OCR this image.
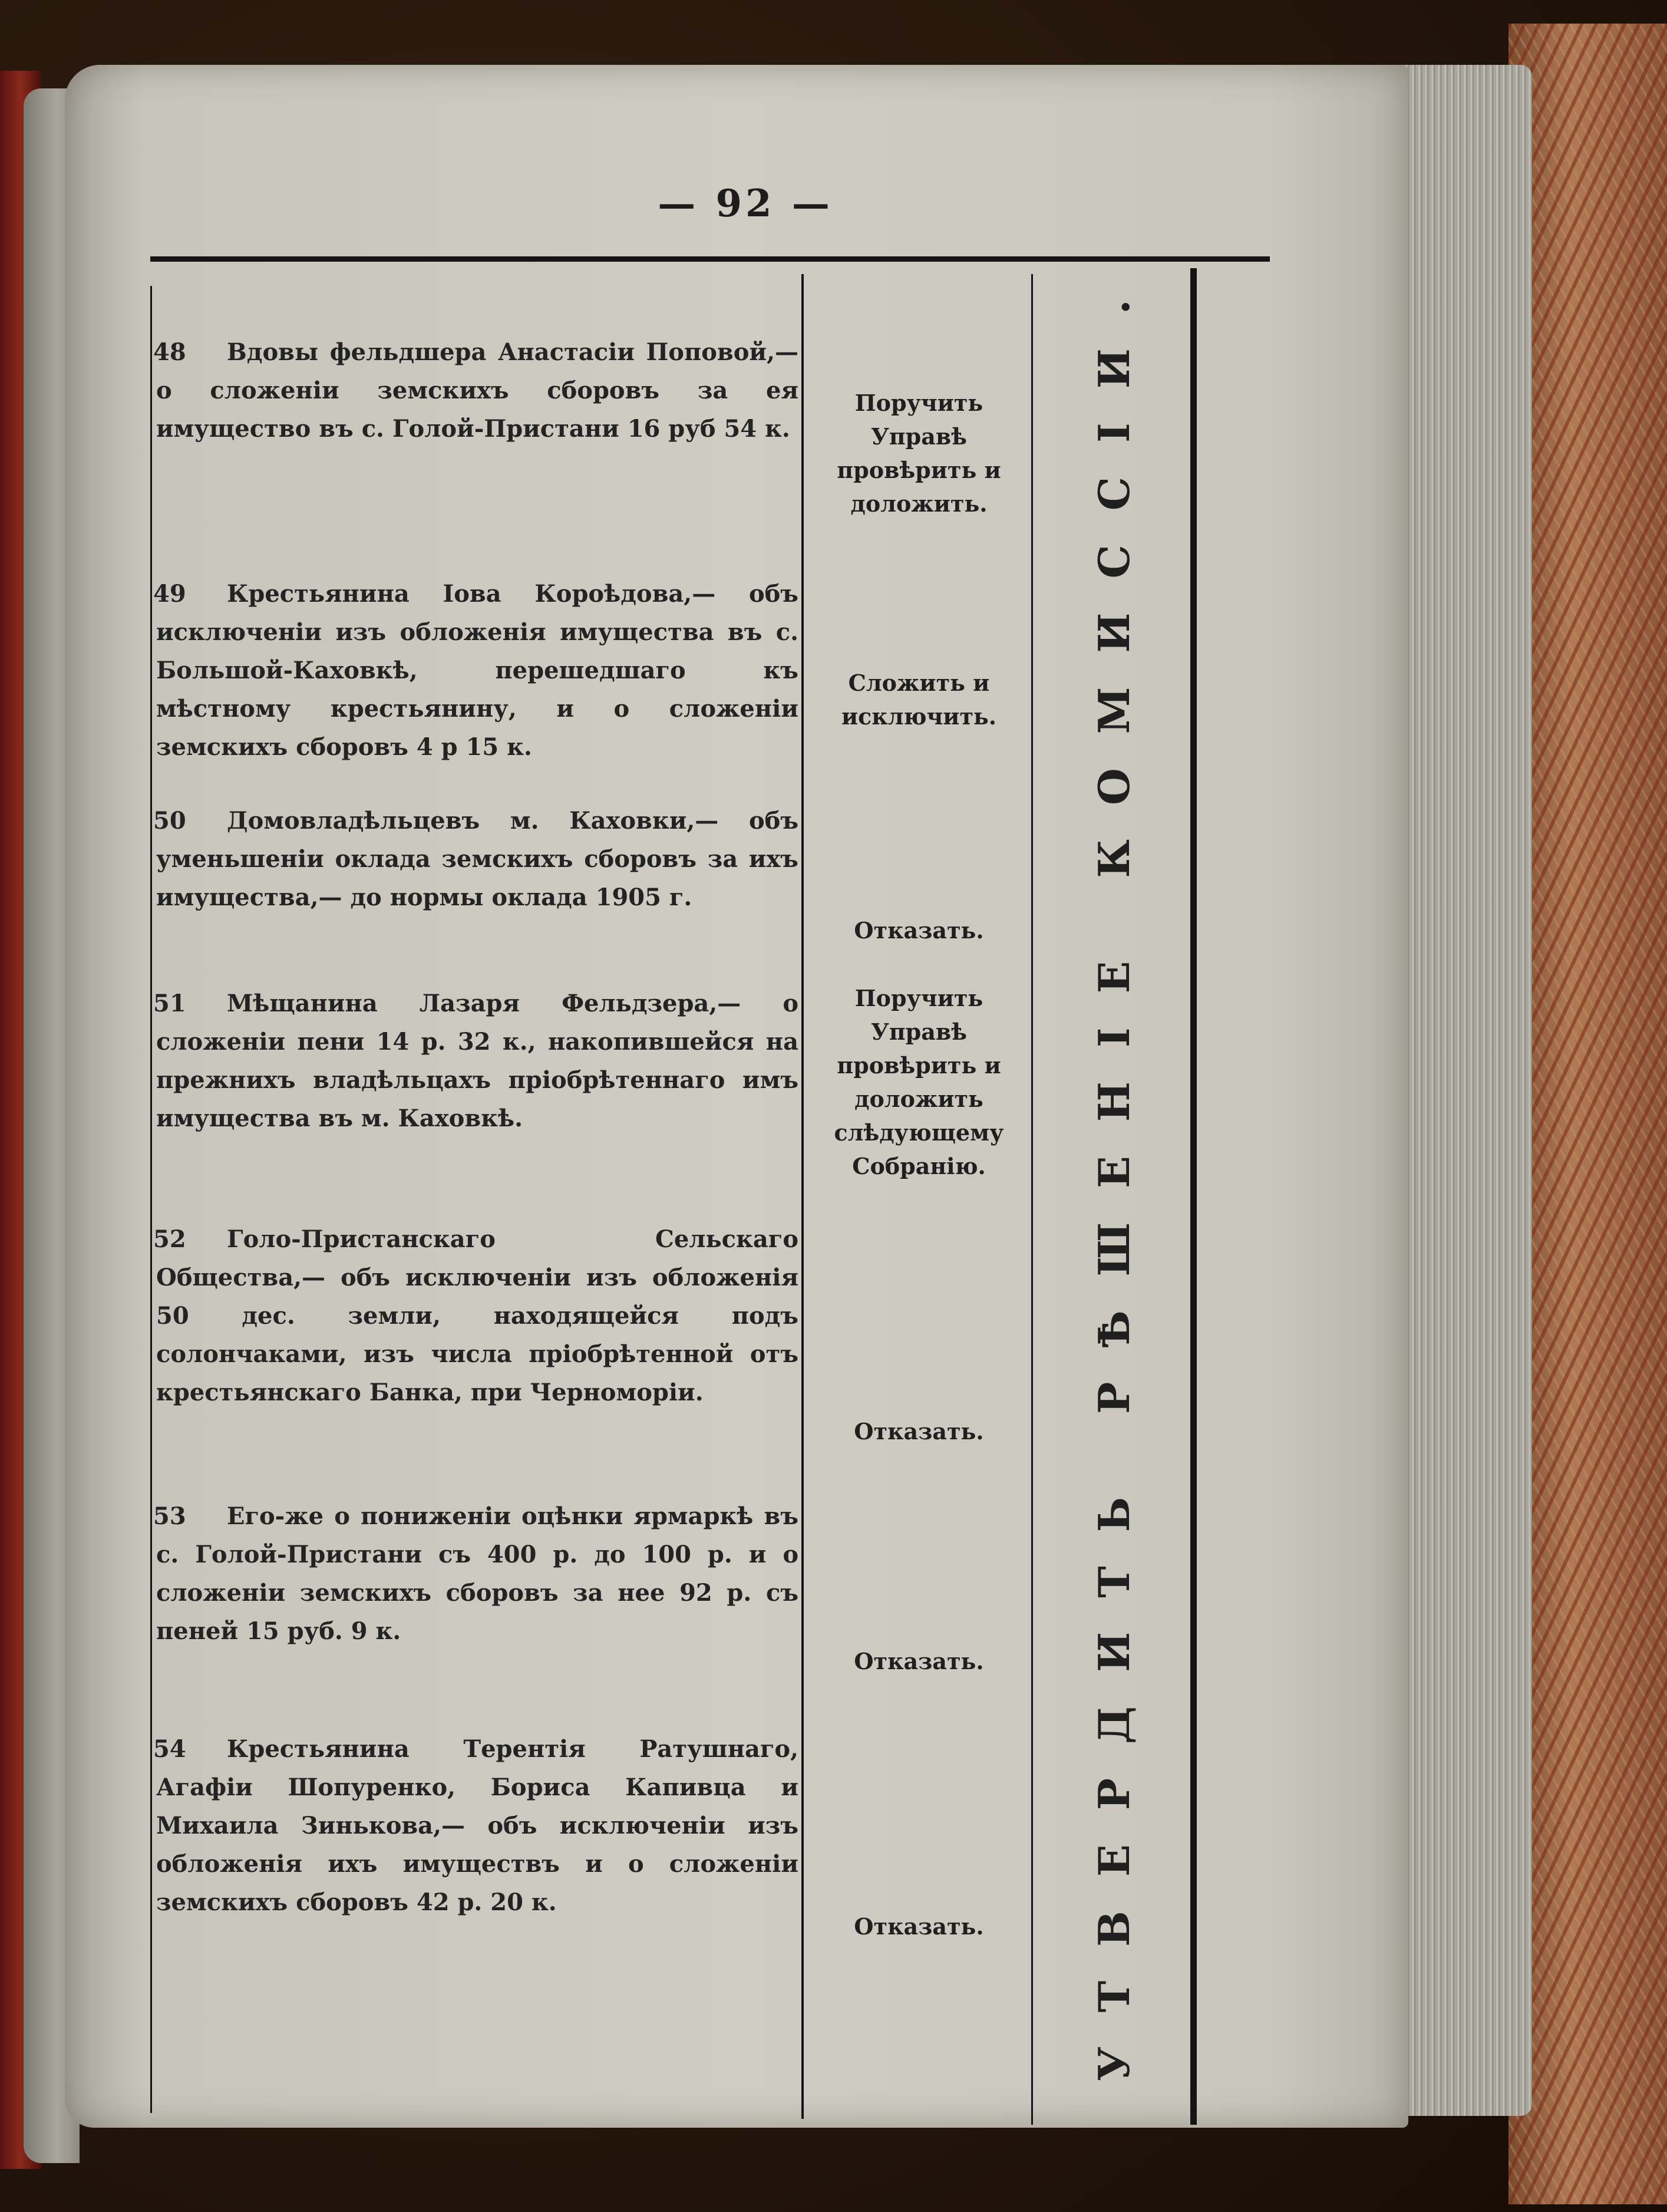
— 92 —
48	Вдовы фельдшера Анастасіи Поповой,— о сложеніи земскихъ сборовъ за ея имущество въ с. Голой-Пристани 16 руб 54 к.
Поручить Управѣ провѣрить и доложить.
49	Крестьянина Іова Короѣдова,— объ исключеніи изъ обложенія имущества въ с. Большой-Каховкѣ, перешедшаго къ мѣстному крестьянину, и о сложеніи земскихъ сборовъ 4 р 15 к.
Сложить и исключить.
50	Домовладѣльцевъ м. Каховки,— объ уменьшеніи оклада земскихъ сборовъ за ихъ имущества,— до нормы оклада 1905 г.
Отказать.
51	Мѣщанина Лазаря Фельдзера,— о сложеніи пени 14 р. 32 к., накопившейся на прежнихъ владѣльцахъ пріобрѣтеннаго имъ имущества въ м. Каховкѣ.
Поручить Управѣ провѣрить и доложить слѣдующему Собранію.
52	Голо-Пристанскаго Сельскаго Общества,— объ исключеніи изъ обложенія 50 дес. земли, находящейся подъ солончаками, изъ числа пріобрѣтенной отъ крестьянскаго Банка, при Черноморіи.
Отказать.
53	Его-же о пониженіи оцѣнки ярмаркѣ въ с. Голой-Пристани съ 400 р. до 100 р. и о сложеніи земскихъ сборовъ за нее 92 р. съ пеней 15 руб. 9 к.
Отказать.
54	Крестьянина Терентія Ратушнаго, Агафіи Шопуренко, Бориса Капивца и Михаила Зинькова,— объ исключеніи изъ обложенія ихъ имуществъ и о сложеніи земскихъ сборовъ 42 р. 20 к.
Отказать.	УТВЕРДИТЬ РѢШЕНІЕ КОМИССІИ.
